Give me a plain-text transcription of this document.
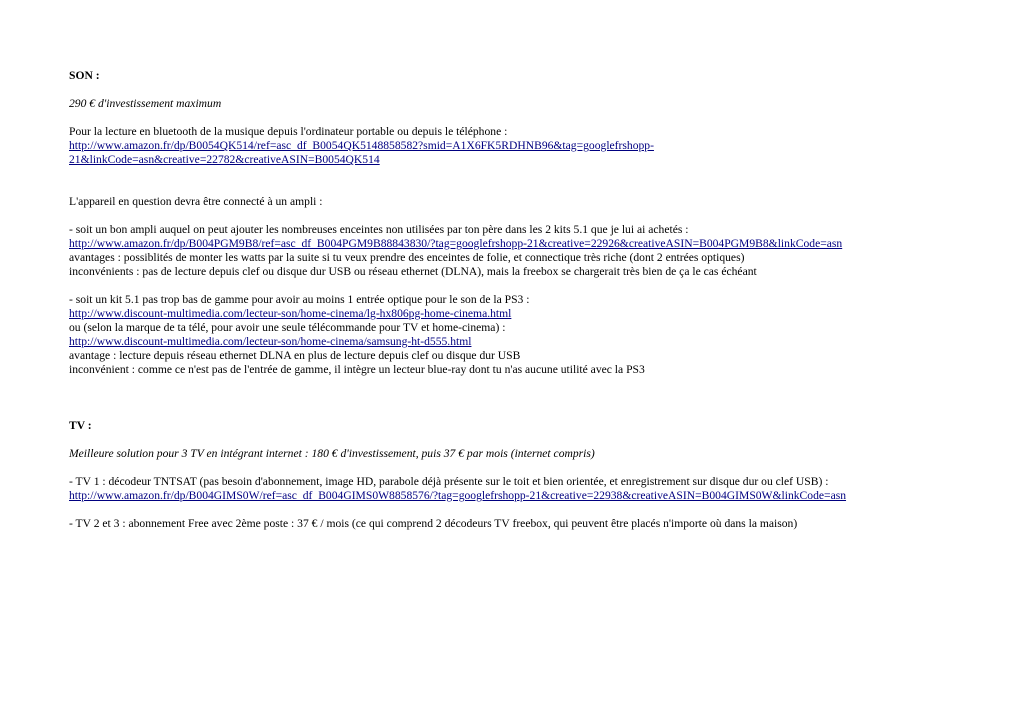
SON :
290 € d'investissement maximum
Pour la lecture en bluetooth de la musique depuis l'ordinateur portable ou depuis le téléphone :
http://www.amazon.fr/dp/B0054QK514/ref=asc_df_B0054QK5148858582?smid=A1X6FK5RDHNB96&tag=googlefrshopp-
21&linkCode=asn&creative=22782&creativeASIN=B0054QK514
L'appareil en question devra être connecté à un ampli :
- soit un bon ampli auquel on peut ajouter les nombreuses enceintes non utilisées par ton père dans les 2 kits 5.1 que je lui ai achetés :
http://www.amazon.fr/dp/B004PGM9B8/ref=asc_df_B004PGM9B88843830/?tag=googlefrshopp-21&creative=22926&creativeASIN=B004PGM9B8&linkCode=asn
avantages : possiblités de monter les watts par la suite si tu veux prendre des enceintes de folie, et connectique très riche (dont 2 entrées optiques)
inconvénients : pas de lecture depuis clef ou disque dur USB ou réseau ethernet (DLNA), mais la freebox se chargerait très bien de ça le cas échéant
- soit un kit 5.1 pas trop bas de gamme pour avoir au moins 1 entrée optique pour le son de la PS3 :
http://www.discount-multimedia.com/lecteur-son/home-cinema/lg-hx806pg-home-cinema.html
ou (selon la marque de ta télé, pour avoir une seule télécommande pour TV et home-cinema) :
http://www.discount-multimedia.com/lecteur-son/home-cinema/samsung-ht-d555.html
avantage : lecture depuis réseau ethernet DLNA en plus de lecture depuis clef ou disque dur USB
inconvénient : comme ce n'est pas de l'entrée de gamme, il intègre un lecteur blue-ray dont tu n'as aucune utilité avec la PS3
TV :
Meilleure solution pour 3 TV en intégrant internet : 180 € d'investissement, puis 37 € par mois (internet compris)
- TV 1 : décodeur TNTSAT (pas besoin d'abonnement, image HD, parabole déjà présente sur le toit et bien orientée, et enregistrement sur disque dur ou clef USB) :
http://www.amazon.fr/dp/B004GIMS0W/ref=asc_df_B004GIMS0W8858576/?tag=googlefrshopp-21&creative=22938&creativeASIN=B004GIMS0W&linkCode=asn
- TV 2 et 3 : abonnement Free avec 2ème poste : 37 € / mois (ce qui comprend 2 décodeurs TV freebox, qui peuvent être placés n'importe où dans la maison)
